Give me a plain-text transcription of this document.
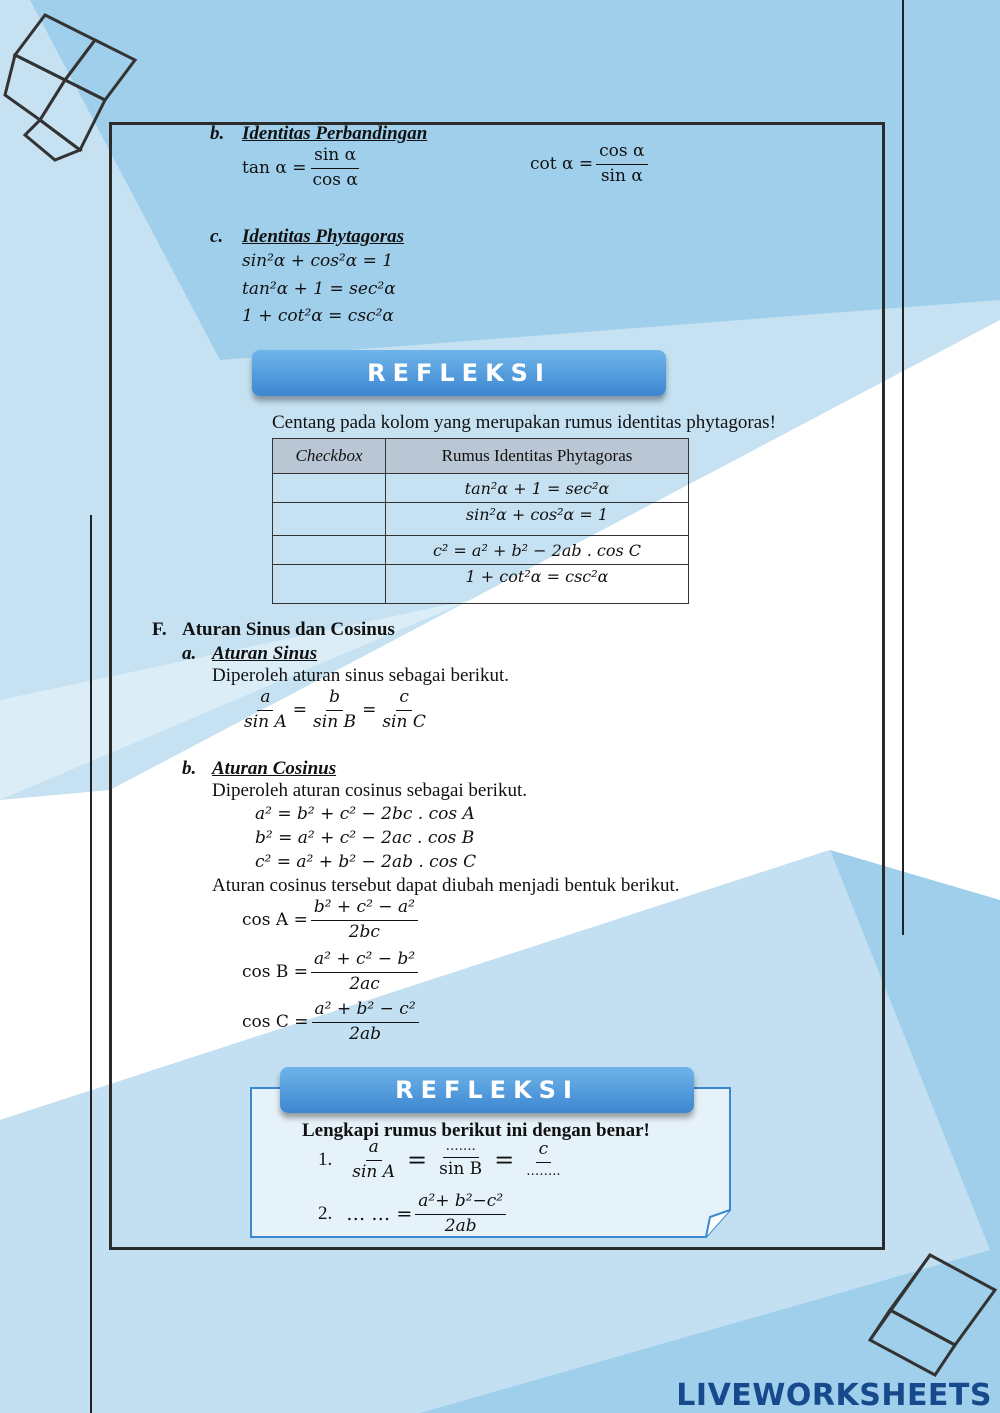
b. Identitas Perbandingan
$\tan \alpha = \frac{\text{sin α}}{\text{cos α}}$	$\cot \alpha = \frac{\text{cos α}}{\text{sin α}}$
c. Identitas Phytagoras
sin²α + cos²α = 1
tan²α + 1 = sec²α
1 + cot²α = csc²α
REFLEKSI
Centang pada kolom yang merupakan rumus identitas phytagoras!
Checkbox	Rumus Identitas Phytagoras
	tan²α + 1 = sec²α
	sin²α + cos²α = 1
	c² = a² + b² − 2ab . cos C
	1 + cot²α = csc²α
F. Aturan Sinus dan Cosinus
a. Aturan Sinus
Diperoleh aturan sinus sebagai berikut.
$\frac{a}{\text{sin A}} = \frac{b}{\text{sin B}} = \frac{c}{\text{sin C}}$
b. Aturan Cosinus
Diperoleh aturan cosinus sebagai berikut.
a² = b² + c² − 2bc . cos A
b² = a² + c² − 2ac . cos B
c² = a² + b² − 2ab . cos C
Aturan cosinus tersebut dapat diubah menjadi bentuk berikut.
$\cos A = \frac{\text{b² + c² − a²}}{2bc}$
$\cos B = \frac{\text{a² + c² − b²}}{2ac}$
$\cos C = \frac{\text{a² + b² − c²}}{2ab}$
REFLEKSI
Lengkapi rumus berikut ini dengan benar!
1. $\frac{a}{\text{sin A}} = \frac{\dots\dots.}{\text{sin B}} = \frac{c}{\dots\dots..}$
2. … … = $\frac{\text{a²+ b²−c²}}{2ab}$
LIVEWORKSHEETS
